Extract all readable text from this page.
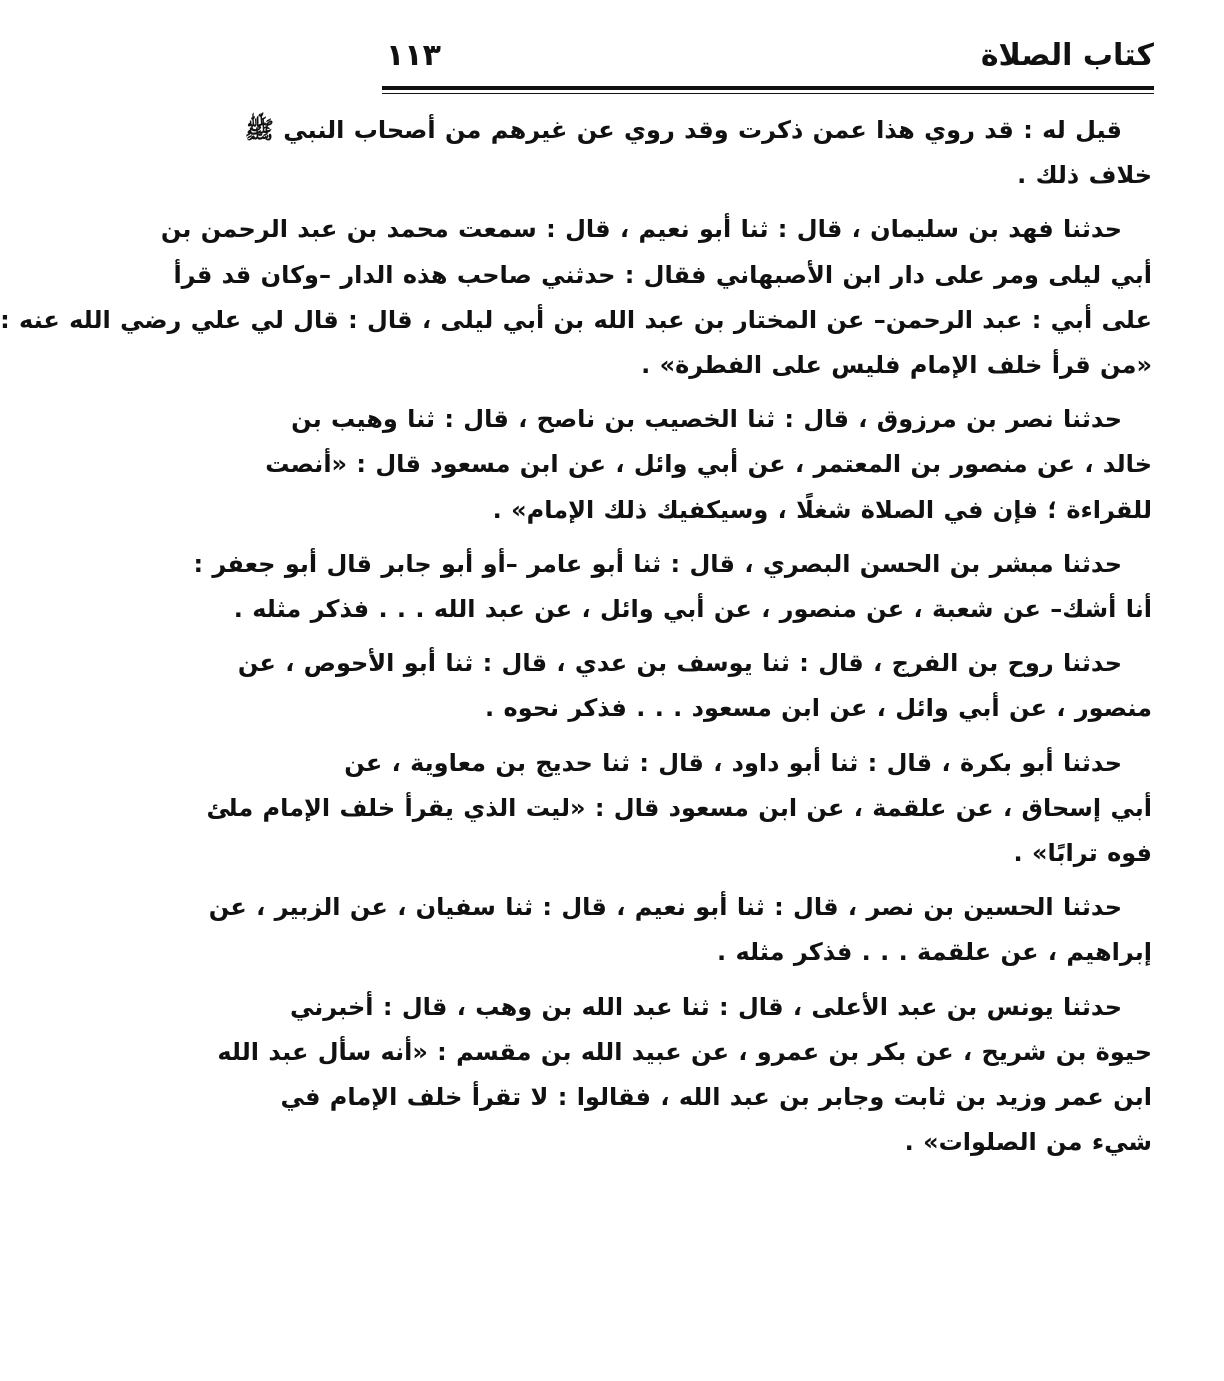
كتاب الصلاة
١١٣

قيل له : قد روي هذا عمن ذكرت وقد روي عن غيرهم من أصحاب النبي ﷺ
خلاف ذلك .

حدثنا فهد بن سليمان ، قال : ثنا أبو نعيم ، قال : سمعت محمد بن عبد الرحمن بن
أبي ليلى ومر على دار ابن الأصبهاني فقال : حدثني صاحب هذه الدار –وكان قد قرأ
على أبي : عبد الرحمن– عن المختار بن عبد الله بن أبي ليلى ، قال : قال لي علي رضي الله عنه :
«من قرأ خلف الإمام فليس على الفطرة» .

حدثنا نصر بن مرزوق ، قال : ثنا الخصيب بن ناصح ، قال : ثنا وهيب بن
خالد ، عن منصور بن المعتمر ، عن أبي وائل ، عن ابن مسعود قال : «أنصت
للقراءة ؛ فإن في الصلاة شغلًا ، وسيكفيك ذلك الإمام» .

حدثنا مبشر بن الحسن البصري ، قال : ثنا أبو عامر –أو أبو جابر قال أبو جعفر :
أنا أشك– عن شعبة ، عن منصور ، عن أبي وائل ، عن عبد الله . . . فذكر مثله .

حدثنا روح بن الفرج ، قال : ثنا يوسف بن عدي ، قال : ثنا أبو الأحوص ، عن
منصور ، عن أبي وائل ، عن ابن مسعود . . . فذكر نحوه .

حدثنا أبو بكرة ، قال : ثنا أبو داود ، قال : ثنا حديج بن معاوية ، عن
أبي إسحاق ، عن علقمة ، عن ابن مسعود قال : «ليت الذي يقرأ خلف الإمام ملئ
فوه ترابًا» .

حدثنا الحسين بن نصر ، قال : ثنا أبو نعيم ، قال : ثنا سفيان ، عن الزبير ، عن
إبراهيم ، عن علقمة . . . فذكر مثله .

حدثنا يونس بن عبد الأعلى ، قال : ثنا عبد الله بن وهب ، قال : أخبرني
حيوة بن شريح ، عن بكر بن عمرو ، عن عبيد الله بن مقسم : «أنه سأل عبد الله
ابن عمر وزيد بن ثابت وجابر بن عبد الله ، فقالوا : لا تقرأ خلف الإمام في
شيء من الصلوات» .
